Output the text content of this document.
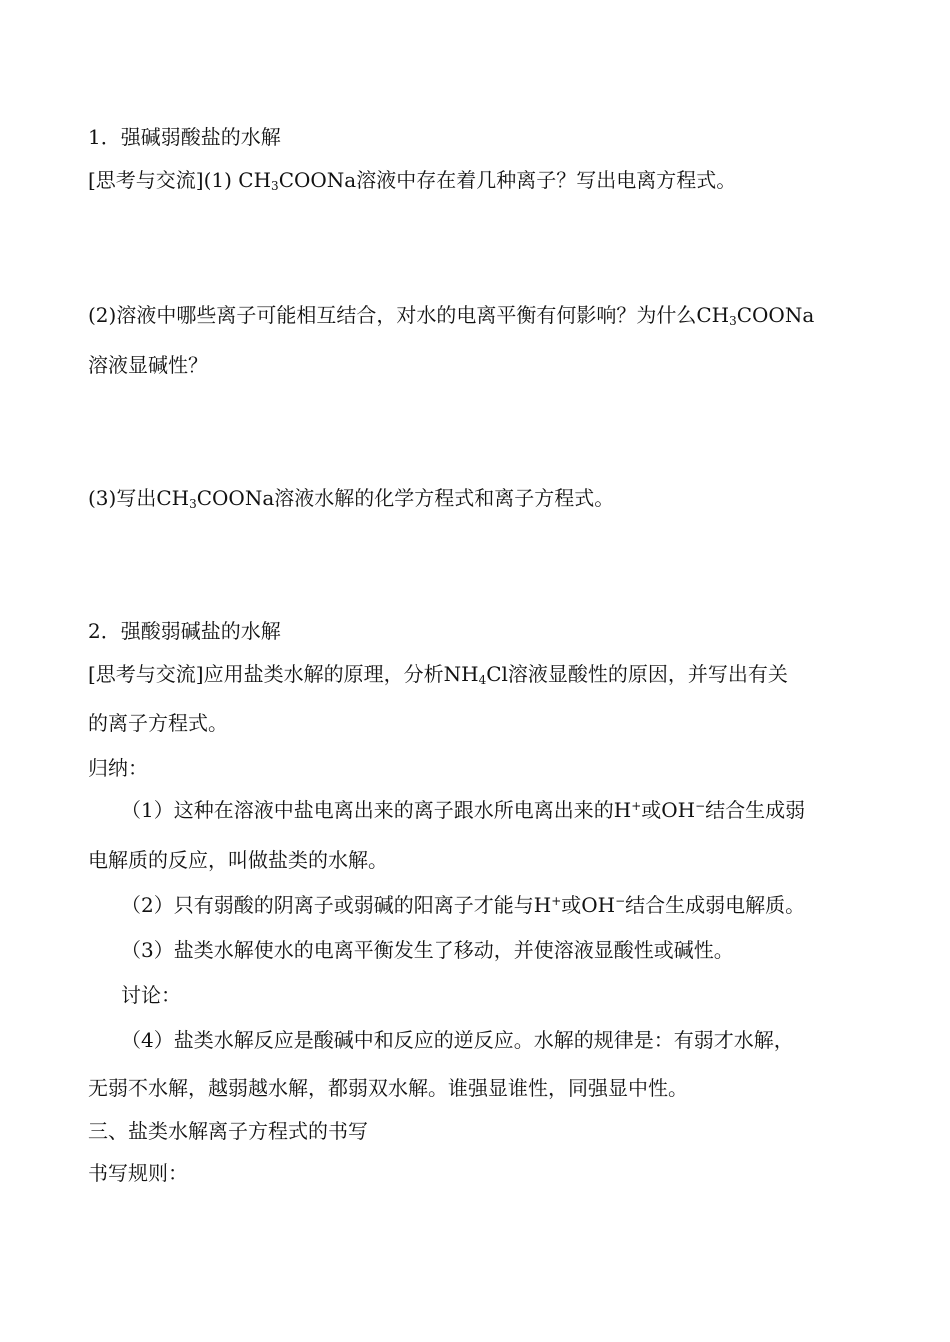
1．强碱弱酸盐的水解
[思考与交流](1) $CH_3COONa$溶液中存在着几种离子？写出电离方程式。
(2)溶液中哪些离子可能相互结合，对水的电离平衡有何影响？为什么$CH_3COONa$
溶液显碱性？
(3)写出$CH_3COONa$溶液水解的化学方程式和离子方程式。
2．强酸弱碱盐的水解
[思考与交流]应用盐类水解的原理，分析$NH_4Cl$溶液显酸性的原因，并写出有关
的离子方程式。
归纳：
（1）这种在溶液中盐电离出来的离子跟水所电离出来的H+或OH−结合生成弱
电解质的反应，叫做盐类的水解。
（2）只有弱酸的阴离子或弱碱的阳离子才能与H+或OH−结合生成弱电解质。
（3）盐类水解使水的电离平衡发生了移动，并使溶液显酸性或碱性。
讨论：
（4）盐类水解反应是酸碱中和反应的逆反应。水解的规律是：有弱才水解，
无弱不水解，越弱越水解，都弱双水解。谁强显谁性，同强显中性。
三、盐类水解离子方程式的书写
书写规则：
